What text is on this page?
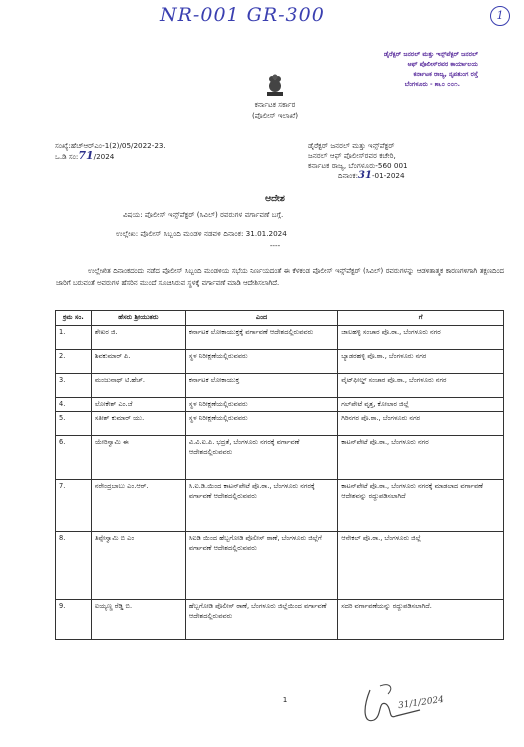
NR-001 GR-300	1
ಡೈರೆಕ್ಟರ್ ಜನರಲ್ ಮತ್ತು ಇನ್ಸ್‌ಪೆಕ್ಟರ್ ಜನರಲ್
ಆಫ್ ಪೊಲೀಸ್‌ರವರ ಕಾರ್ಯಾಲಯ
ಕರ್ನಾಟಕ ರಾಜ್ಯ, ನೃಪತುಂಗ ರಸ್ತೆ
ಬೆಂಗಳೂರು - ೫೬೦ ೦೦೧.
ಕರ್ನಾಟಕ ಸರ್ಕಾರ
(ಪೊಲೀಸ್ ಇಲಾಖೆ)
ಸಂಖ್ಯೆ:ಹೆಚ್‌ಆರ್‌ಎಂ-1(2)/05/2022-23.
ಒ.ಡಿ ಸಂ:71/2024
ಡೈರೆಕ್ಟರ್ ಜನರಲ್ ಮತ್ತು ಇನ್ಸ್‌ಪೆಕ್ಟರ್
ಜನರಲ್ ಆಫ್ ಪೊಲೀಸ್‌ರವರ ಕಚೇರಿ,
ಕರ್ನಾಟಕ ರಾಜ್ಯ, ಬೆಂಗಳೂರು-560 001
ದಿನಾಂಕ:31-01-2024
ಆದೇಶ
ವಿಷಯ: ಪೊಲೀಸ್ ಇನ್ಸ್‌ಪೆಕ್ಟರ್ (ಸಿವಿಲ್) ರವರುಗಳ ವರ್ಗಾವಣೆ ಬಗ್ಗೆ.
ಉಲ್ಲೇಖ: ಪೊಲೀಸ್ ಸಿಬ್ಬಂದಿ ಮಂಡಳಿ ನಡವಳಿ ದಿನಾಂಕ: 31.01.2024
----
ಉಲ್ಲೇಖಿತ ದಿನಾಂಕದಂದು ನಡೆದ ಪೊಲೀಸ್ ಸಿಬ್ಬಂದಿ ಮಂಡಳಿಯ ಸಭೆಯ ನಿರ್ಣಯದಂತೆ ಈ ಕೆಳಕಂಡ ಪೊಲೀಸ್ ಇನ್ಸ್‌ಪೆಕ್ಟರ್ (ಸಿವಿಲ್) ರವರುಗಳನ್ನು ಆಡಳಿತಾತ್ಮಕ ಕಾರಣಗಳಿಗಾಗಿ ತಕ್ಷಣದಿಂದ ಜಾರಿಗೆ ಬರುವಂತೆ ಅವರುಗಳ ಹೆಸರಿನ ಮುಂದೆ ಸೂಚಿಸಿರುವ ಸ್ಥಳಕ್ಕೆ ವರ್ಗಾವಣೆ ಮಾಡಿ ಆದೇಶಿಸಲಾಗಿದೆ.
ಕ್ರಮ ಸಂ.	ಹೆಸರು ಶ್ರೀಯುತರು	ಎಂದ	ಗೆ
1.	ಶೇಖರ ಜಿ.	ಕರ್ನಾಟಕ ಲೋಕಾಯುಕ್ತಕ್ಕೆ ವರ್ಗಾವಣೆ ಆದೇಶದಲ್ಲಿರುವವರು	ಜಾಲಹಳ್ಳಿ ಸಂಚಾರ ಪೊ.ಠಾ., ಬೆಂಗಳೂರು ನಗರ
2.	ಶಿವಕುಮಾರ್ ಪಿ.	ಸ್ಥಳ ನಿರೀಕ್ಷಣೆಯಲ್ಲಿರುವವರು	ಬ್ಯಾಡರಹಳ್ಳಿ ಪೊ.ಠಾ., ಬೆಂಗಳೂರು ನಗರ
3.	ಮಂಜುನಾಥ್ ಟಿ.ಹೆಚ್.	ಕರ್ನಾಟಕ ಲೋಕಾಯುಕ್ತ	ವೈಟ್‌ಫೀಲ್ಡ್ ಸಂಚಾರ ಪೊ.ಠಾ., ಬೆಂಗಳೂರು ನಗರ
4.	ಲೋಕೇಶ್ ಎಂ.ಜೆ	ಸ್ಥಳ ನಿರೀಕ್ಷಣೆಯಲ್ಲಿರುವವರು	ಗಲ್‌ಪೇಟೆ ವೃತ್ತ, ಕೋಲಾರ ಜಿಲ್ಲೆ
5.	ಸತೀಶ್ ಕುಮಾರ್ ಯು.	ಸ್ಥಳ ನಿರೀಕ್ಷಣೆಯಲ್ಲಿರುವವರು	ಗಿರಿನಗರ ಪೊ.ಠಾ., ಬೆಂಗಳೂರು ನಗರ
6.	ಯೇರಿಸ್ವಾಮಿ ಈ	ವಿ.ವಿ.ಐ.ಪಿ. ಭದ್ರತೆ, ಬೆಂಗಳೂರು ನಗರಕ್ಕೆ ವರ್ಗಾವಣೆ ಆದೇಶದಲ್ಲಿರುವವರು	ಕಾಟನ್‌ಪೇಟೆ ಪೊ.ಠಾ., ಬೆಂಗಳೂರು ನಗರ
7.	ನರೇಂದ್ರಬಾಬು ಎಂ.ಆರ್.	ಸಿ.ಐ.ಡಿ.ಯಿಂದ ಕಾಟನ್‌ಪೇಟೆ ಪೊ.ಠಾ., ಬೆಂಗಳೂರು ನಗರಕ್ಕೆ ವರ್ಗಾವಣೆ ಆದೇಶದಲ್ಲಿರುವವರು	ಕಾಟನ್‌ಪೇಟೆ ಪೊ.ಠಾ., ಬೆಂಗಳೂರು ನಗರಕ್ಕೆ ಮಾಡಲಾದ ವರ್ಗಾವಣೆ ಆದೇಶವನ್ನು ರದ್ದುಪಡಿಸಲಾಗಿದೆ
8.	ತಿಪ್ಪೇಸ್ವಾಮಿ ಬಿ ಎಂ	ಸಿಐಡಿ ಯಿಂದ ಹೆಬ್ಬಗೋಡಿ ಪೊಲೀಸ್ ಠಾಣೆ, ಬೆಂಗಳೂರು ಜಿಲ್ಲೆಗೆ ವರ್ಗಾವಣೆ ಆದೇಶದಲ್ಲಿರುವವರು	ಆನೇಕಲ್ ಪೊ.ಠಾ., ಬೆಂಗಳೂರು ಜಿಲ್ಲೆ
9.	ಐಯ್ಯಣ್ಣ ರೆಡ್ಡಿ ಬಿ.	ಹೆಬ್ಬಗೋಡಿ ಪೊಲೀಸ್ ಠಾಣೆ, ಬೆಂಗಳೂರು ಜಿಲ್ಲೆಯಿಂದ ವರ್ಗಾವಣೆ ಆದೇಶದಲ್ಲಿರುವವರು	ಸದರಿ ವರ್ಗಾವಣೆಯನ್ನು ರದ್ದುಪಡಿಸಲಾಗಿದೆ.
1	31/1/2024
